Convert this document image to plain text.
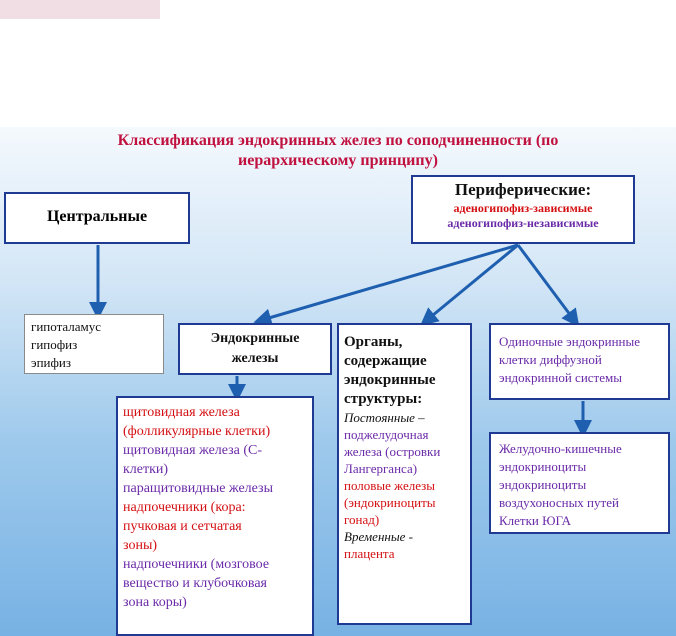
Классификация эндокринных желез по соподчиненности (по
иерархическому принципу)
Центральные
Периферические:
аденогипофиз-зависимые
аденогипофиз-независимые
гипоталамус
гипофиз
эпифиз
Эндокринные
железы
Органы,
содержащие
эндокринные
структуры:
Постоянные –
поджелудочная
железа (островки
Лангерганса)
половые железы
(эндокриноциты
гонад)
Временные -
плацента
Одиночные эндокринные
клетки диффузной
эндокринной системы
щитовидная железа
(фолликулярные клетки)
щитовидная железа (С-
клетки)
паращитовидные железы
надпочечники (кора:
пучковая и сетчатая
зоны)
надпочечники (мозговое
вещество и клубочковая
зона коры)
Желудочно-кишечные
эндокриноциты
эндокриноциты
воздухоносных путей
Клетки ЮГА
